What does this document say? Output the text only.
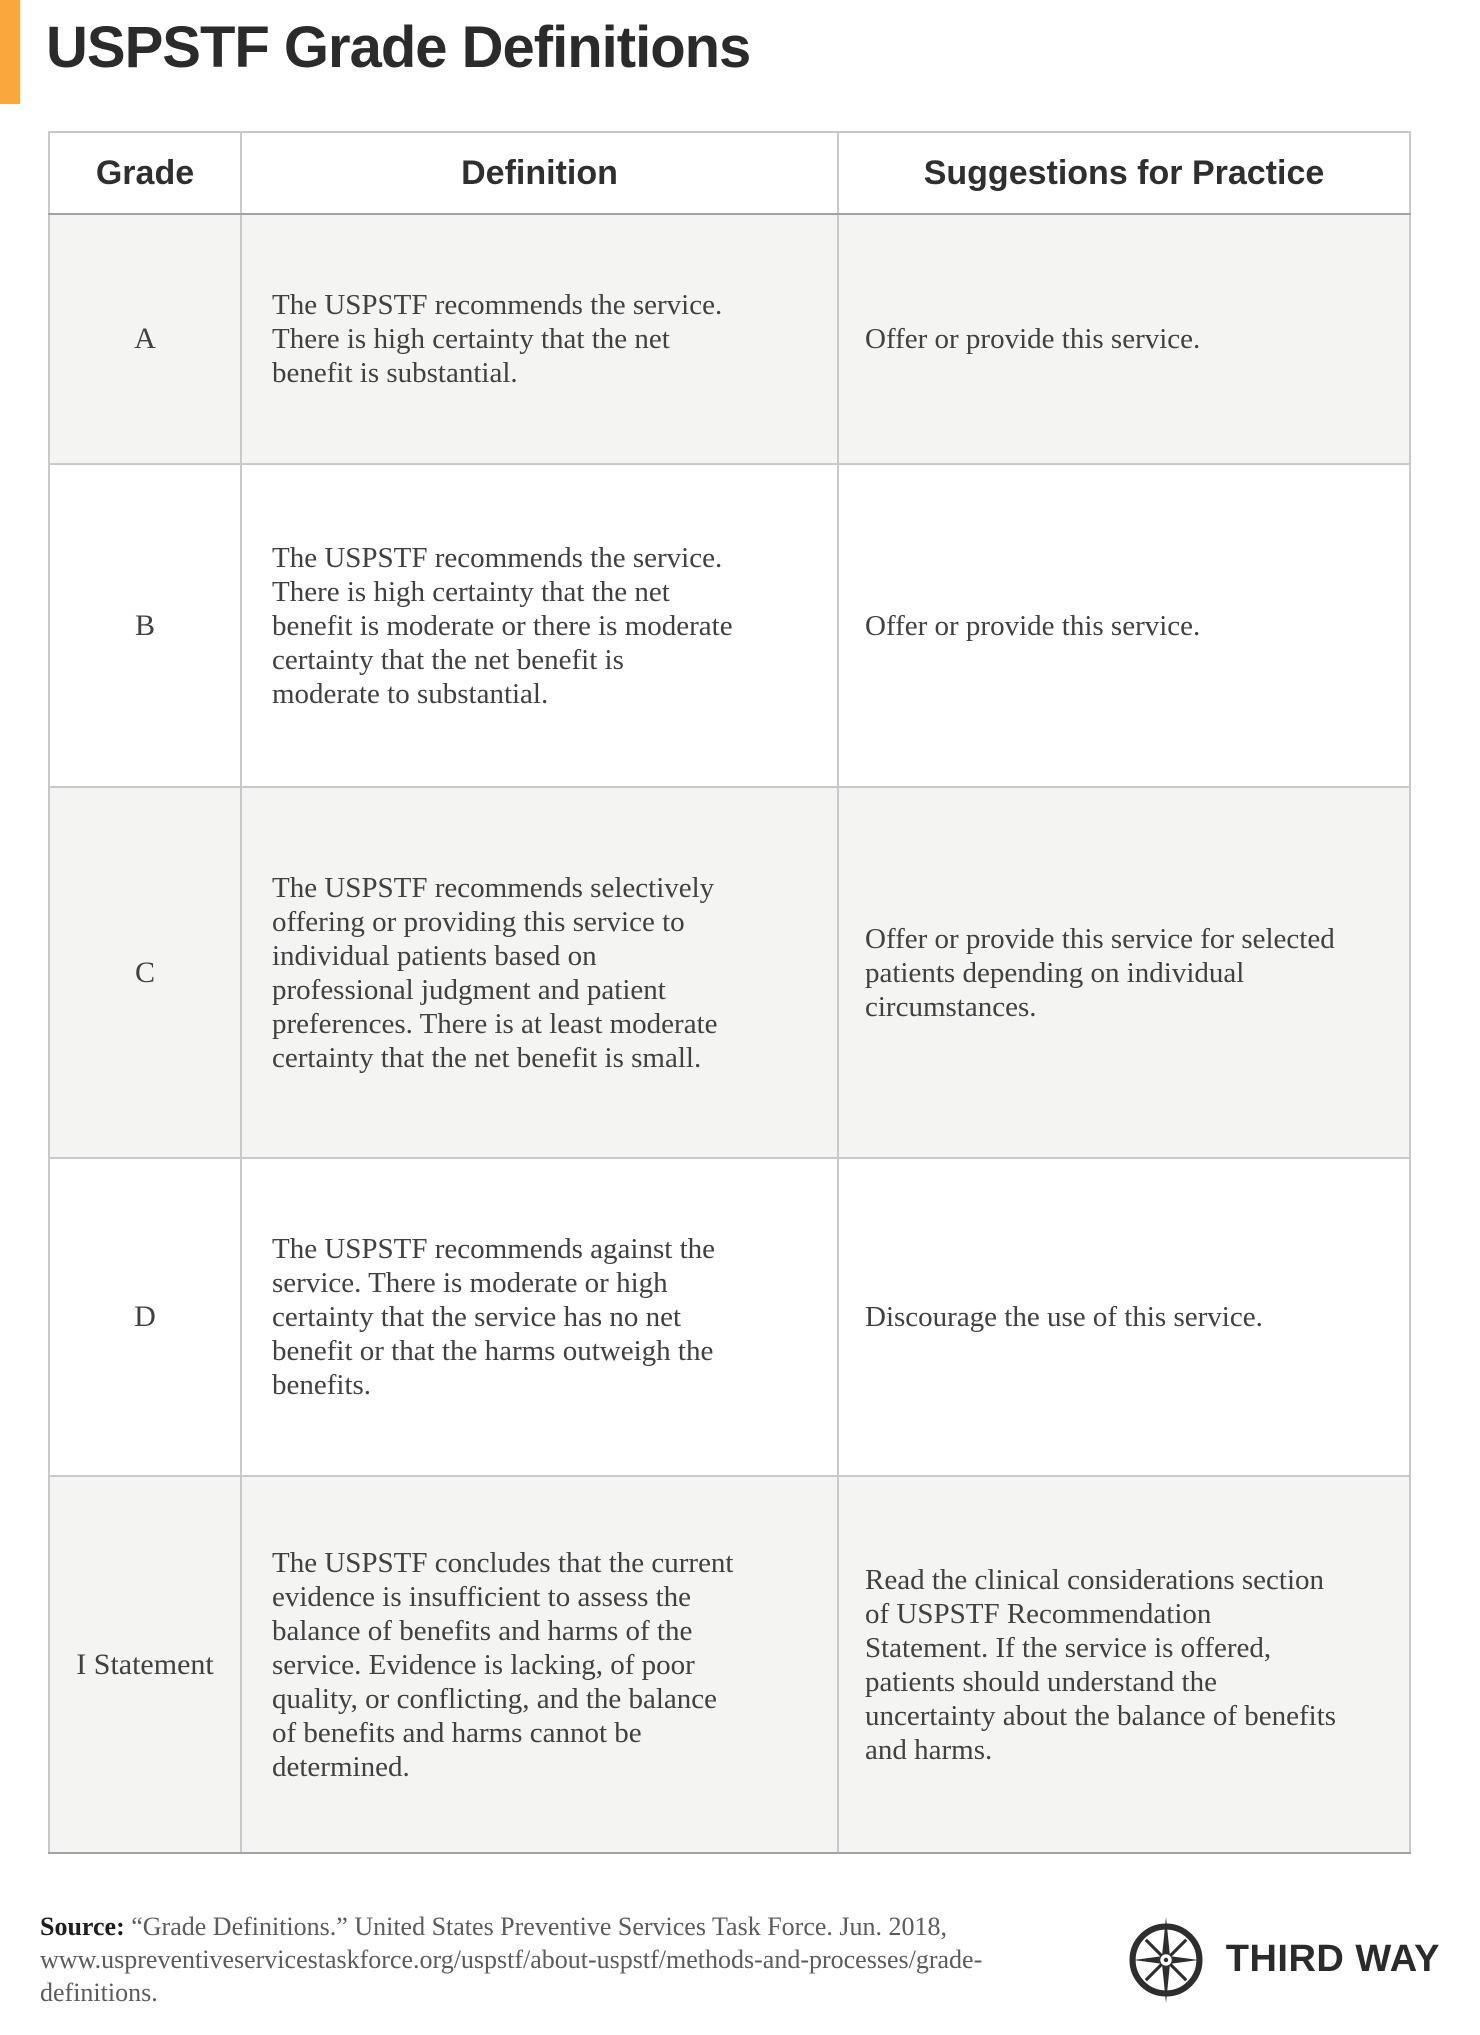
USPSTF Grade Definitions
Grade	Definition	Suggestions for Practice
A	The USPSTF recommends the service. There is high certainty that the net benefit is substantial.	Offer or provide this service.
B	The USPSTF recommends the service. There is high certainty that the net benefit is moderate or there is moderate certainty that the net benefit is moderate to substantial.	Offer or provide this service.
C	The USPSTF recommends selectively offering or providing this service to individual patients based on professional judgment and patient preferences. There is at least moderate certainty that the net benefit is small.	Offer or provide this service for selected patients depending on individual circumstances.
D	The USPSTF recommends against the service. There is moderate or high certainty that the service has no net benefit or that the harms outweigh the benefits.	Discourage the use of this service.
I Statement	The USPSTF concludes that the current evidence is insufficient to assess the balance of benefits and harms of the service. Evidence is lacking, of poor quality, or conflicting, and the balance of benefits and harms cannot be determined.	Read the clinical considerations section of USPSTF Recommendation Statement. If the service is offered, patients should understand the uncertainty about the balance of benefits and harms.

Source: “Grade Definitions.” United States Preventive Services Task Force. Jun. 2018, www.uspreventiveservicestaskforce.org/uspstf/about-uspstf/methods-and-processes/grade-definitions.

THIRD WAY
